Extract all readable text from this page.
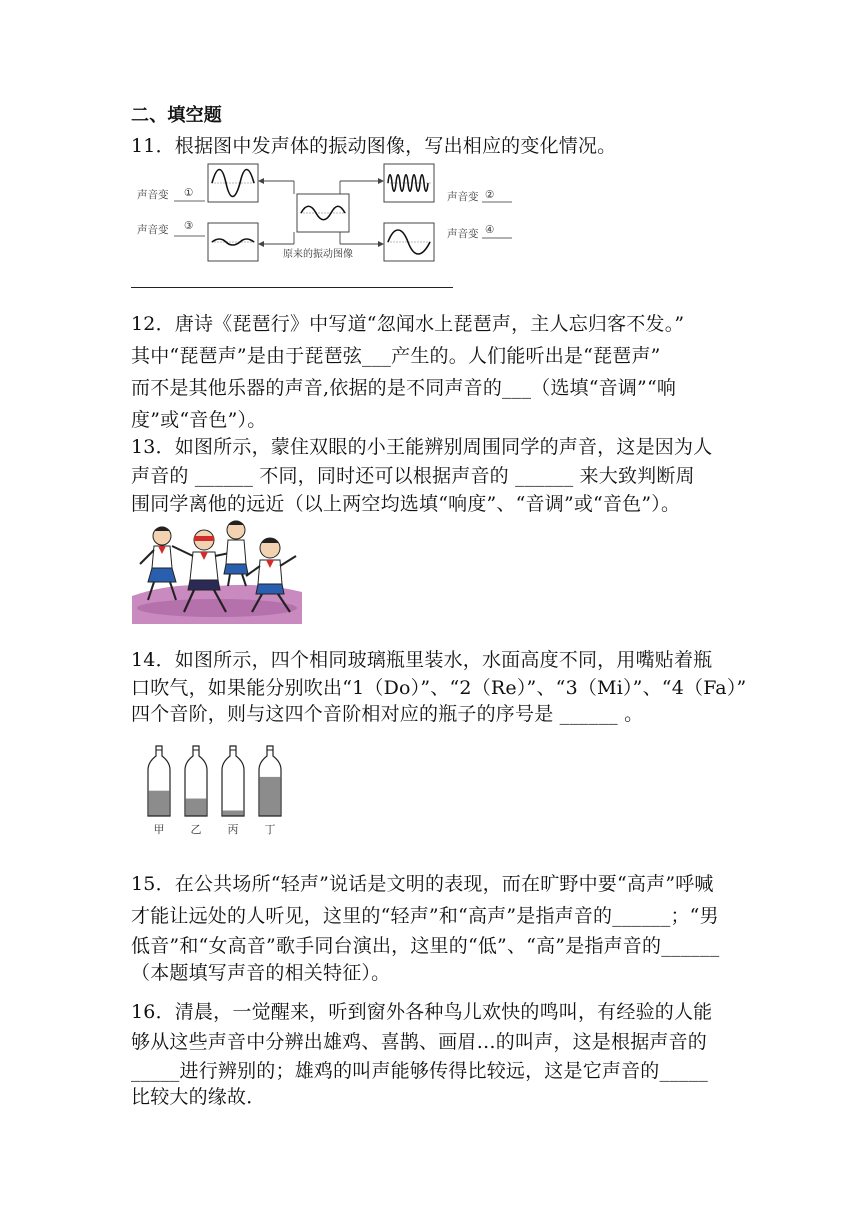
二、填空题
11．根据图中发声体的振动图像，写出相应的变化情况。
声音变 ①
声音变 ③
声音变 ②
声音变 ④
原来的振动图像
12．唐诗《琵琶行》中写道“忽闻水上琵琶声，主人忘归客不发。”
其中“琵琶声”是由于琵琶弦___产生的。人们能听出是“琵琶声”
而不是其他乐器的声音,依据的是不同声音的___（选填“音调”“响
度”或“音色”）。
13．如图所示，蒙住双眼的小王能辨别周围同学的声音，这是因为人
声音的 ______ 不同，同时还可以根据声音的 ______ 来大致判断周
围同学离他的远近（以上两空均选填“响度”、“音调”或“音色”）。
14．如图所示，四个相同玻璃瓶里装水，水面高度不同，用嘴贴着瓶
口吹气，如果能分别吹出“1（Do）”、“2（Re）”、“3（Mi）”、“4（Fa）”
四个音阶，则与这四个音阶相对应的瓶子的序号是 ______ 。
甲 乙 丙 丁
15．在公共场所“轻声”说话是文明的表现，而在旷野中要“高声”呼喊
才能让远处的人听见，这里的“轻声”和“高声”是指声音的______；“男
低音”和“女高音”歌手同台演出，这里的“低”、“高”是指声音的______
（本题填写声音的相关特征）。
16．清晨，一觉醒来，听到窗外各种鸟儿欢快的鸣叫，有经验的人能
够从这些声音中分辨出雄鸡、喜鹊、画眉…的叫声，这是根据声音的
_____进行辨别的；雄鸡的叫声能够传得比较远，这是它声音的_____
比较大的缘故．
